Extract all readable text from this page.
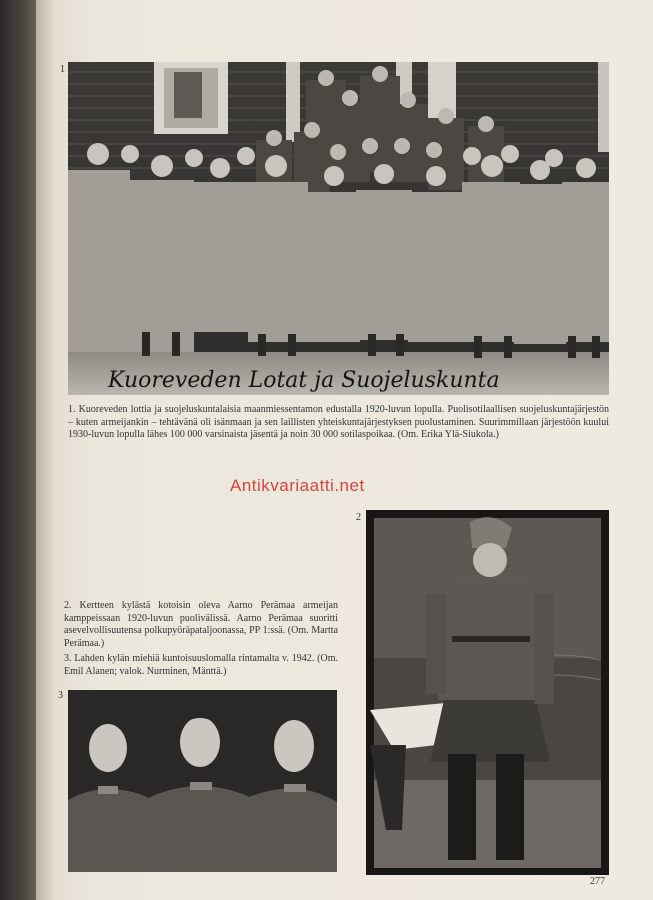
1
Kuoreveden Lotat ja Suojeluskunta

1. Kuoreveden lottia ja suojeluskuntalaisia maanmiessentamon edustalla 1920-luvun lopulla. Puolisotilaallisen suojeluskuntajärjestön – kuten armeijankin – tehtävänä oli isänmaan ja sen laillisten yhteiskuntajärjestyksen puolustaminen. Suurimmillaan järjestöön kuului 1930-luvun lopulla lähes 100 000 varsinaista jäsentä ja noin 30 000 sotilaspoikaa. (Om. Erika Ylä-Siukola.)

Antikvariaatti.net
2

2. Kertteen kylästä kotoisin oleva Aarno Perämaa armeijan kamppeissaan 1920-luvun puolivälissä. Aarno Perämaa suoritti asevelvollisuutensa polkupyöräpataljoonassa, PP 1:ssä. (Om. Martta Perämaa.)

3. Lahden kylän miehiä kuntoisuuslomalla rintamalta v. 1942. (Om. Emil Alanen; valok. Nurminen, Mänttä.)

3
277
